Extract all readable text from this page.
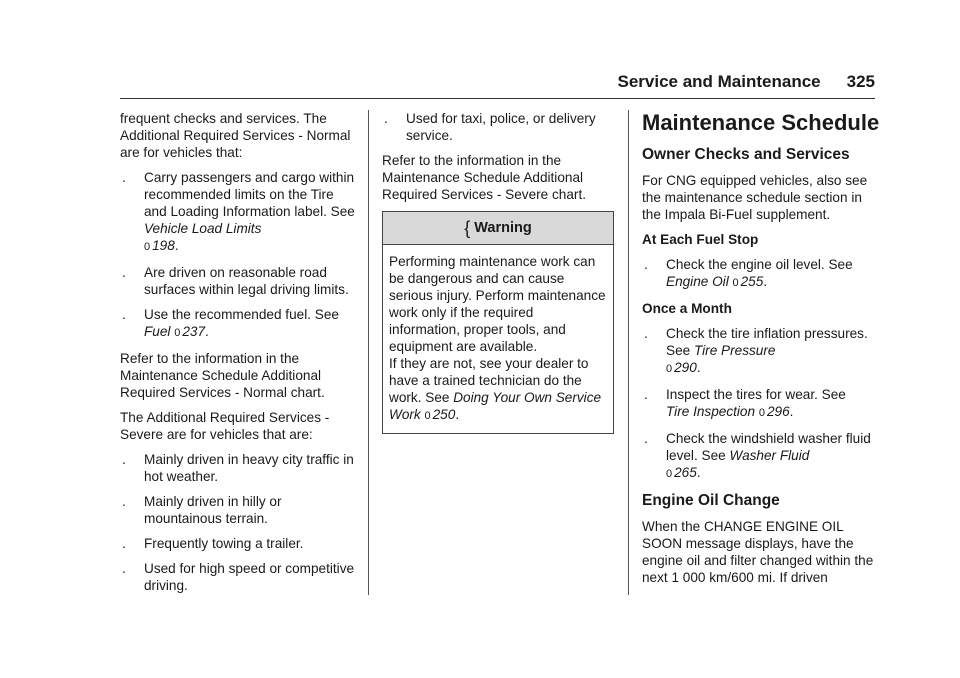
Service and Maintenance 325

frequent checks and services. The Additional Required Services - Normal are for vehicles that:

. Carry passengers and cargo within recommended limits on the Tire and Loading Information label. See Vehicle Load Limits
0 198.
. Are driven on reasonable road surfaces within legal driving limits.
. Use the recommended fuel. See
Fuel 0 237.

Refer to the information in the Maintenance Schedule Additional Required Services - Normal chart.

The Additional Required Services - Severe are for vehicles that are:

. Mainly driven in heavy city traffic in hot weather.
. Mainly driven in hilly or mountainous terrain.
. Frequently towing a trailer.
. Used for high speed or competitive driving.
. Used for taxi, police, or delivery service.

Refer to the information in the Maintenance Schedule Additional Required Services - Severe chart.

{ Warning

Performing maintenance work can be dangerous and can cause serious injury. Perform maintenance work only if the required information, proper tools, and equipment are available.

If they are not, see your dealer to have a trained technician do the work. See Doing Your Own Service Work 0 250.

Maintenance Schedule
Owner Checks and Services

For CNG equipped vehicles, also see the maintenance schedule section in the Impala Bi-Fuel supplement.

At Each Fuel Stop
. Check the engine oil level. See
Engine Oil 0 255.
Once a Month
. Check the tire inflation pressures. See Tire Pressure
0 290.
. Inspect the tires for wear. See
Tire Inspection 0 296.
. Check the windshield washer fluid level. See Washer Fluid
0 265.
Engine Oil Change

When the CHANGE ENGINE OIL SOON message displays, have the engine oil and filter changed within the next 1 000 km/600 mi. If driven
